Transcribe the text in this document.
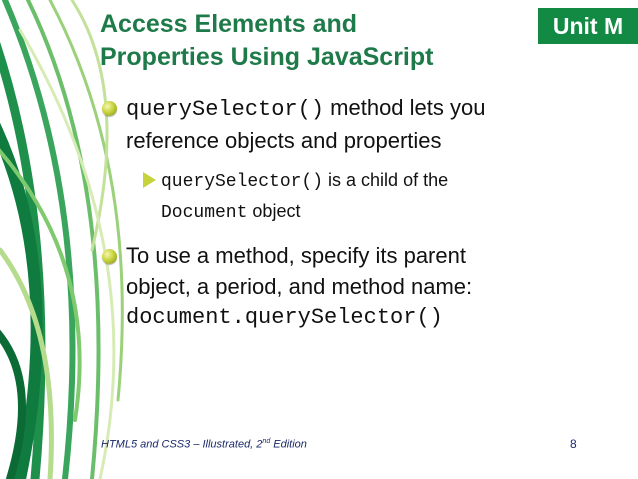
Access Elements and
Properties Using JavaScript
Unit M
querySelector() method lets you
reference objects and properties
querySelector() is a child of the
Document object
To use a method, specify its parent
object, a period, and method name:
document.querySelector()
HTML5 and CSS3 – Illustrated, 2nd Edition	8
